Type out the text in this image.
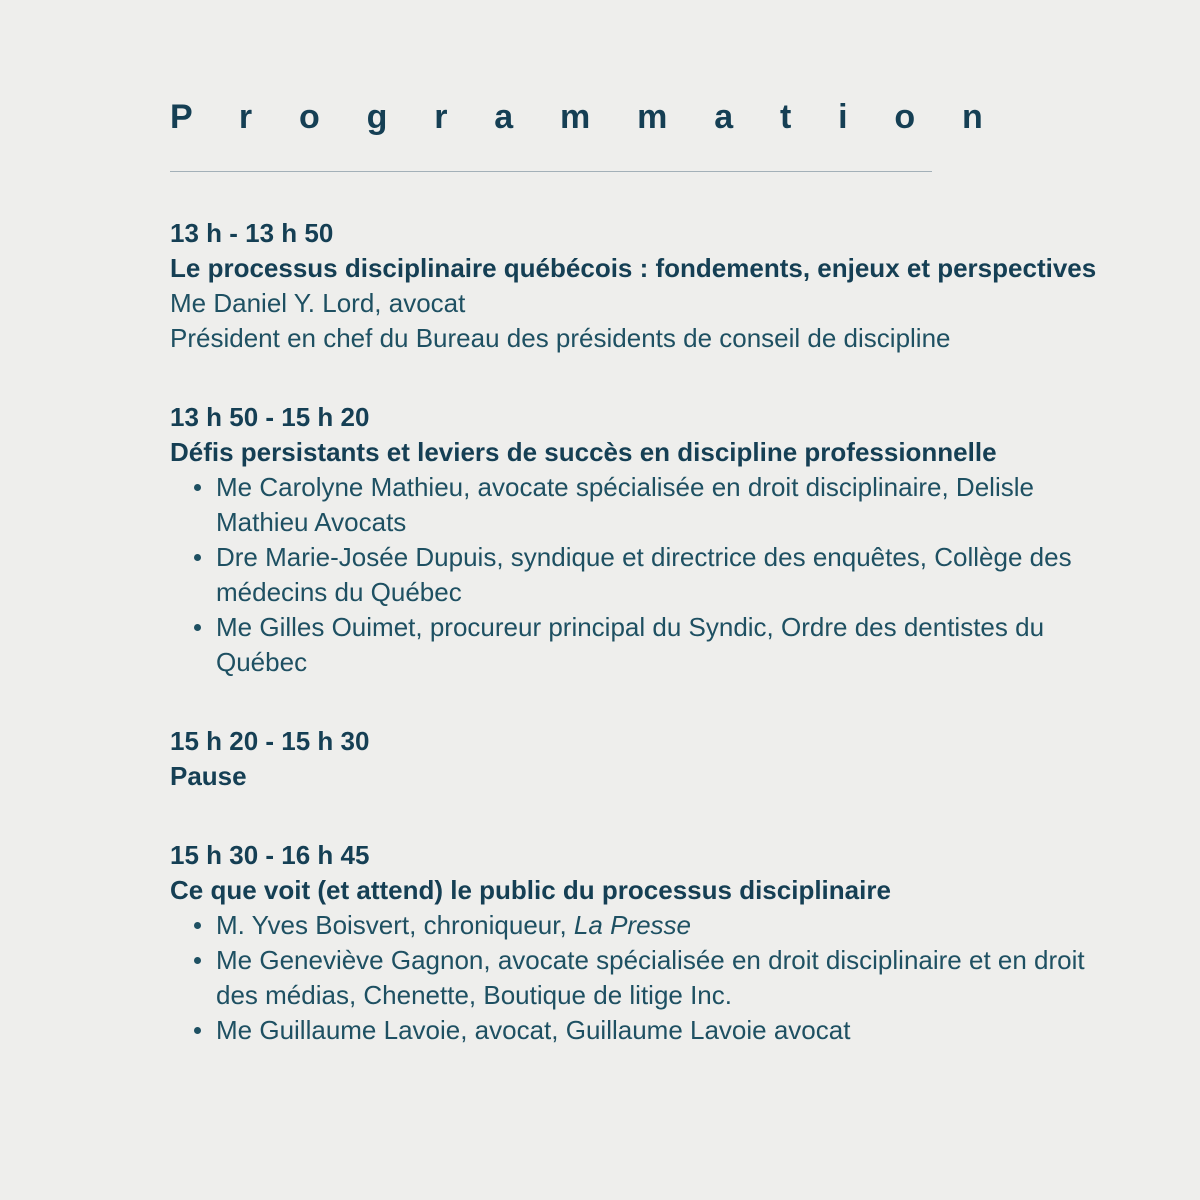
P r o g r a m m a t i o n
13 h - 13 h 50
Le processus disciplinaire québécois : fondements, enjeux et perspectives
Me Daniel Y. Lord, avocat
Président en chef du Bureau des présidents de conseil de discipline
13 h 50 - 15 h 20
Défis persistants et leviers de succès en discipline professionnelle
Me Carolyne Mathieu, avocate spécialisée en droit disciplinaire, Delisle Mathieu Avocats
Dre Marie-Josée Dupuis, syndique et directrice des enquêtes, Collège des médecins du Québec
Me Gilles Ouimet, procureur principal du Syndic, Ordre des dentistes du Québec
15 h 20 - 15 h 30
Pause
15 h 30 - 16 h 45
Ce que voit (et attend) le public du processus disciplinaire
M. Yves Boisvert, chroniqueur, La Presse
Me Geneviève Gagnon, avocate spécialisée en droit disciplinaire et en droit des médias, Chenette, Boutique de litige Inc.
Me Guillaume Lavoie, avocat, Guillaume Lavoie avocat
